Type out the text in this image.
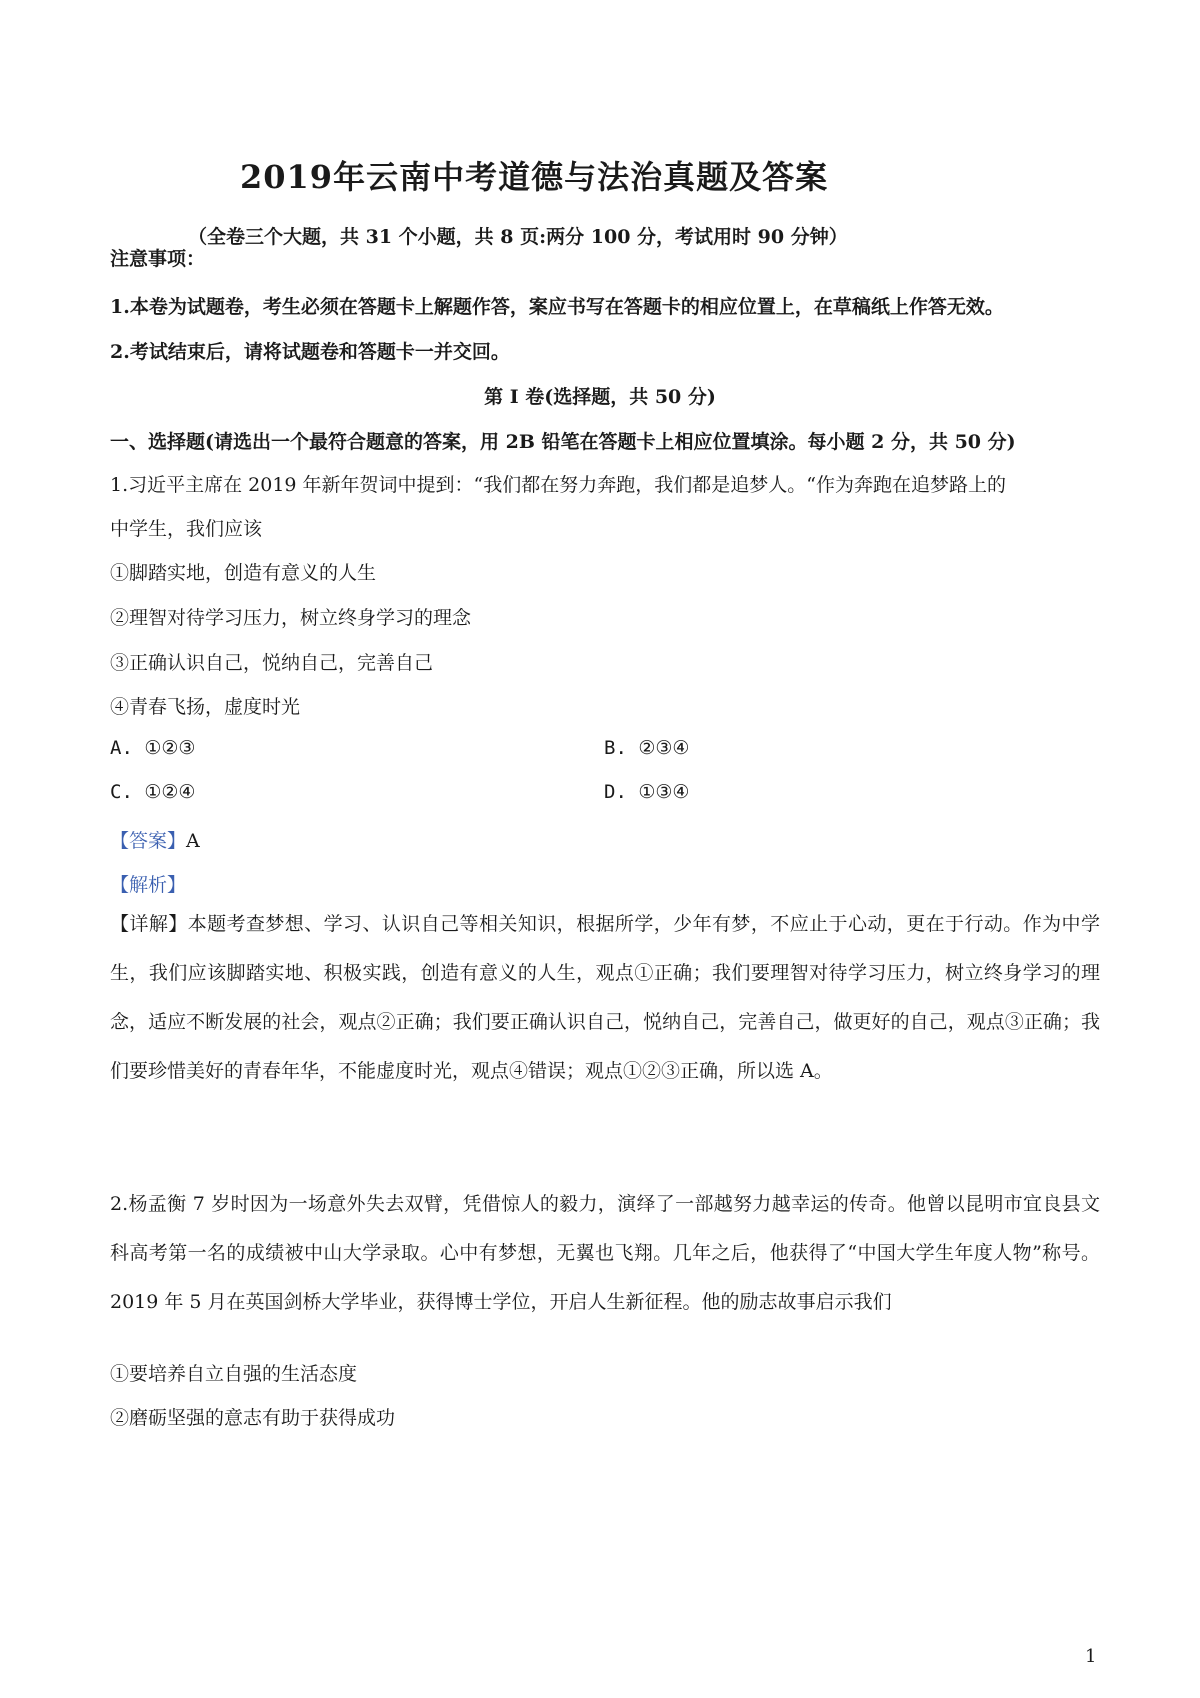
2019年云南中考道德与法治真题及答案
（全卷三个大题，共 31 个小题，共 8 页:两分 100 分，考试用时 90 分钟）
注意事项：
1.本卷为试题卷，考生必须在答题卡上解题作答，案应书写在答题卡的相应位置上，在草稿纸上作答无效。
2.考试结束后，请将试题卷和答题卡一并交回。
第 I 卷(选择题，共 50 分)
一、选择题(请选出一个最符合题意的答案，用 2B 铅笔在答题卡上相应位置填涂。每小题 2 分，共 50 分)
1.习近平主席在 2019 年新年贺词中提到：“我们都在努力奔跑，我们都是追梦人。“作为奔跑在追梦路上的
中学生，我们应该
①脚踏实地，创造有意义的人生
②理智对待学习压力，树立终身学习的理念
③正确认识自己，悦纳自己，完善自己
④青春飞扬，虚度时光
A. ①②③	B. ②③④
C. ①②④	D. ①③④
【答案】A
【解析】
【详解】本题考查梦想、学习、认识自己等相关知识，根据所学，少年有梦，不应止于心动，更在于行动。作为中学生，我们应该脚踏实地、积极实践，创造有意义的人生，观点①正确；我们要理智对待学习压力，树立终身学习的理念，适应不断发展的社会，观点②正确；我们要正确认识自己，悦纳自己，完善自己，做更好的自己，观点③正确；我们要珍惜美好的青春年华，不能虚度时光，观点④错误；观点①②③正确，所以选 A。
2.杨孟衡 7 岁时因为一场意外失去双臂，凭借惊人的毅力，演绎了一部越努力越幸运的传奇。他曾以昆明市宜良县文科高考第一名的成绩被中山大学录取。心中有梦想，无翼也飞翔。几年之后，他获得了“中国大学生年度人物”称号。2019 年 5 月在英国剑桥大学毕业，获得博士学位，开启人生新征程。他的励志故事启示我们
①要培养自立自强的生活态度
②磨砺坚强的意志有助于获得成功
1
